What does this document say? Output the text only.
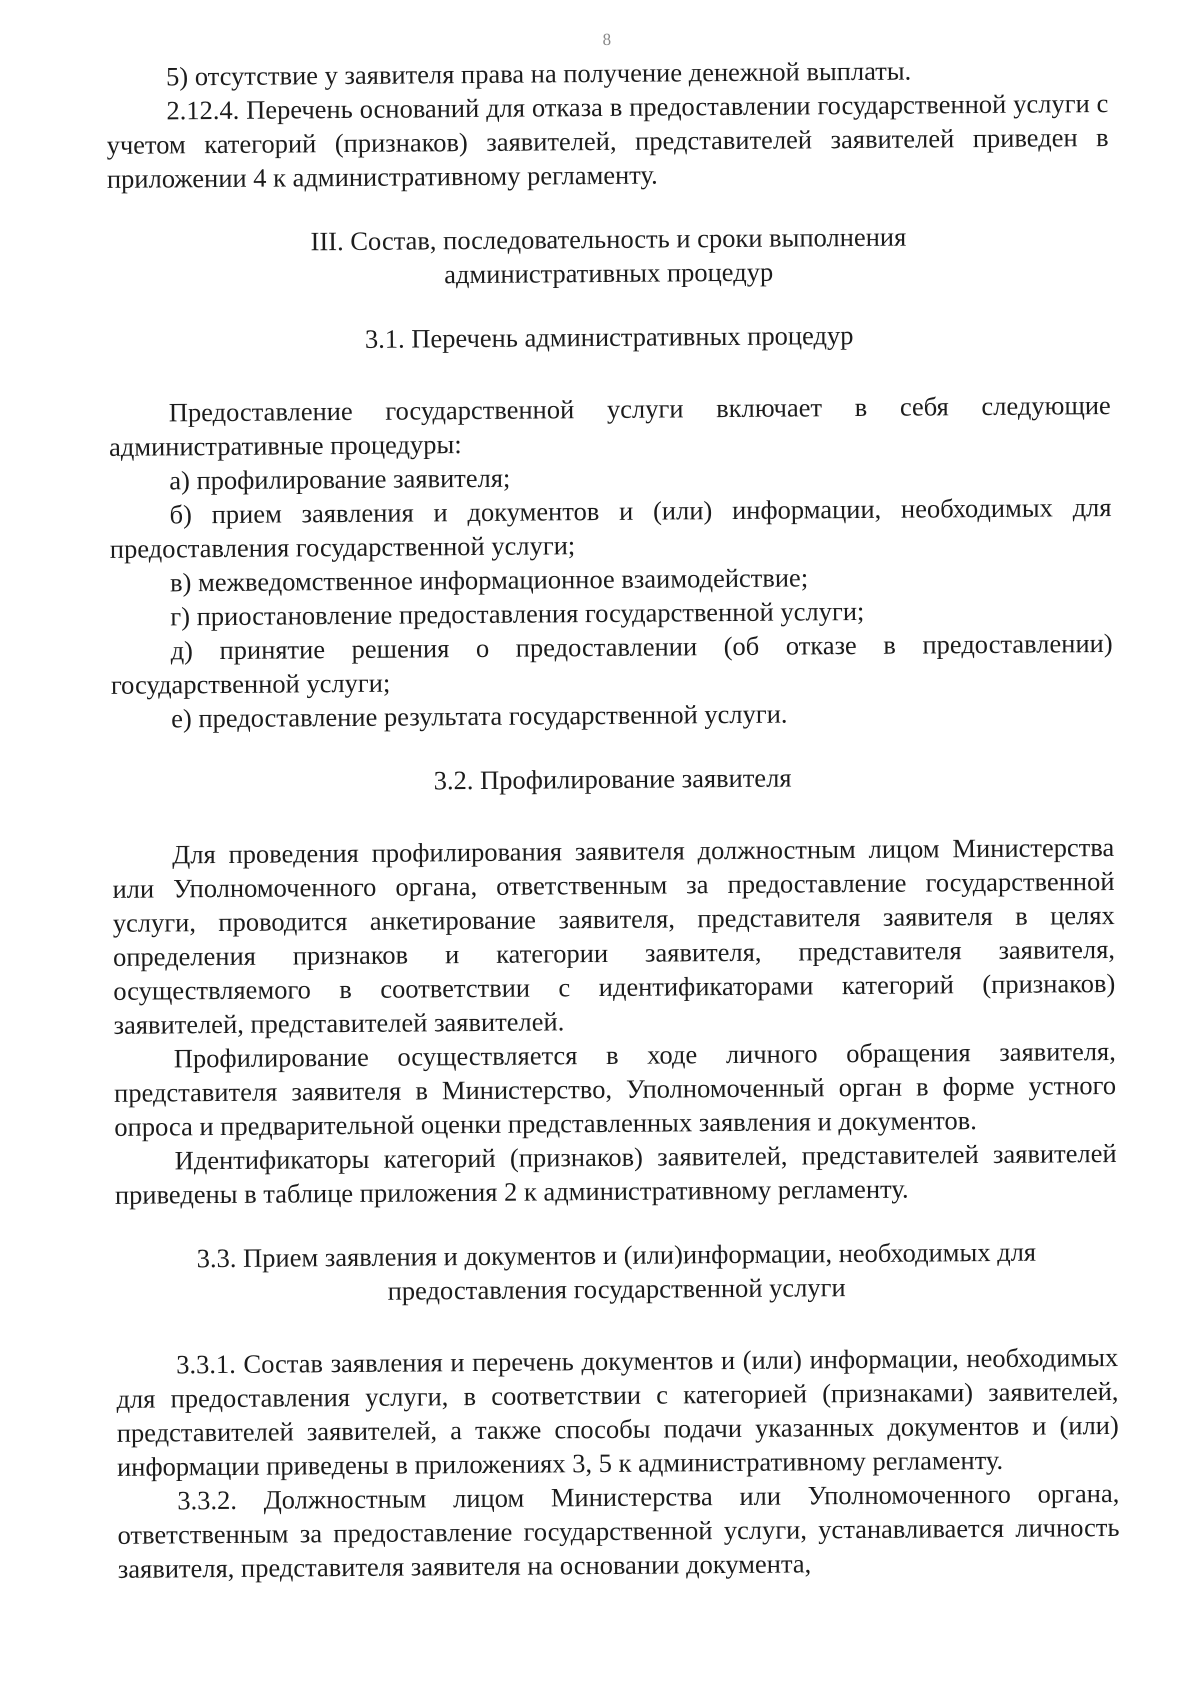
8

5) отсутствие у заявителя права на получение денежной выплаты.

2.12.4. Перечень оснований для отказа в предоставлении государственной услуги с учетом категорий (признаков) заявителей, представителей заявителей приведен в приложении 4 к административному регламенту.

III. Состав, последовательность и сроки выполнения
административных процедур
3.1. Перечень административных процедур

Предоставление государственной услуги включает в себя следующие административные процедуры:

а) профилирование заявителя;

б) прием заявления и документов и (или) информации, необходимых для предоставления государственной услуги;

в) межведомственное информационное взаимодействие;

г) приостановление предоставления государственной услуги;

д) принятие решения о предоставлении (об отказе в предоставлении) государственной услуги;

е) предоставление результата государственной услуги.

3.2. Профилирование заявителя

Для проведения профилирования заявителя должностным лицом Министерства или Уполномоченного органа, ответственным за предоставление государственной услуги, проводится анкетирование заявителя, представителя заявителя в целях определения признаков и категории заявителя, представителя заявителя, осуществляемого в соответствии с идентификаторами категорий (признаков) заявителей, представителей заявителей.

Профилирование осуществляется в ходе личного обращения заявителя, представителя заявителя в Министерство, Уполномоченный орган в форме устного опроса и предварительной оценки представленных заявления и документов.

Идентификаторы категорий (признаков) заявителей, представителей заявителей приведены в таблице приложения 2 к административному регламенту.

3.3. Прием заявления и документов и (или)информации, необходимых для
предоставления государственной услуги

3.3.1. Состав заявления и перечень документов и (или) информации, необходимых для предоставления услуги, в соответствии с категорией (признаками) заявителей, представителей заявителей, а также способы подачи указанных документов и (или) информации приведены в приложениях 3, 5 к административному регламенту.

3.3.2. Должностным лицом Министерства или Уполномоченного органа, ответственным за предоставление государственной услуги, устанавливается личность заявителя, представителя заявителя на основании документа,
